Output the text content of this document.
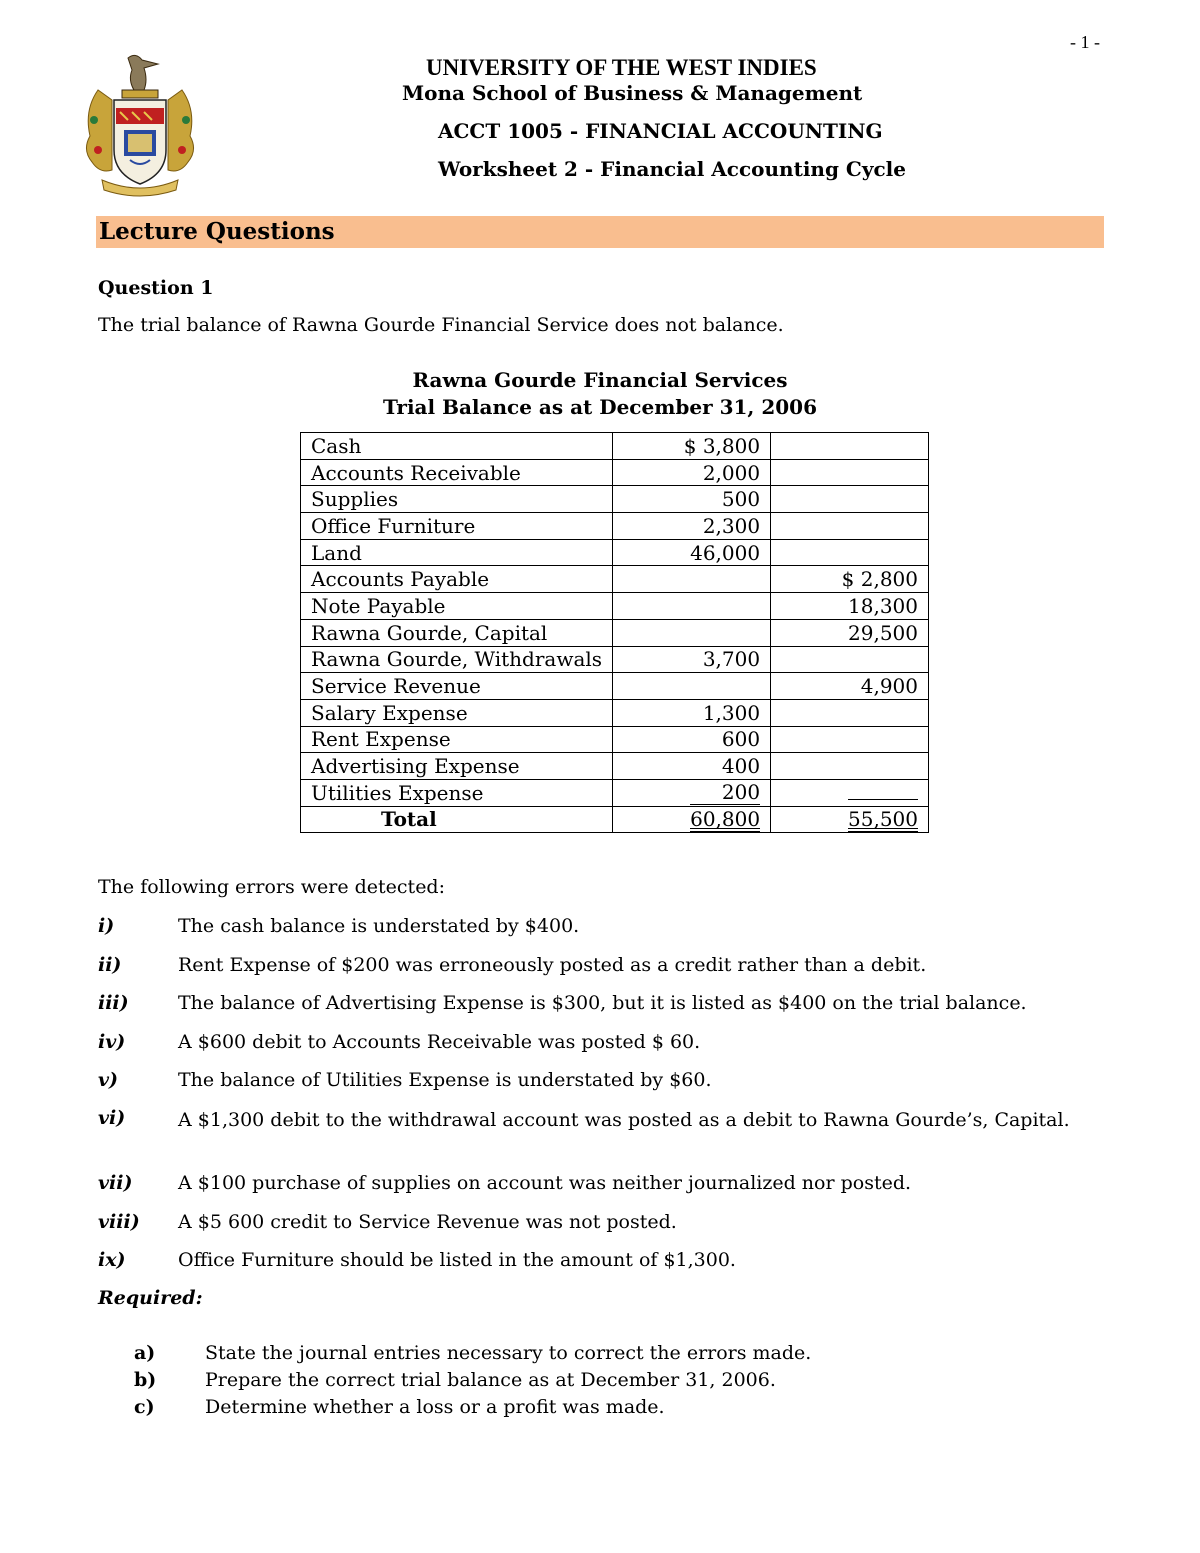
- 1 -
UNIVERSITY OF THE WEST INDIES
Mona School of Business & Management
ACCT 1005 - FINANCIAL ACCOUNTING
Worksheet 2 - Financial Accounting Cycle
Lecture Questions
Question 1
The trial balance of Rawna Gourde Financial Service does not balance.
Rawna Gourde Financial Services
Trial Balance as at December 31, 2006
Cash	$ 3,800	
Accounts Receivable	2,000	
Supplies	500	
Office Furniture	2,300	
Land	46,000	
Accounts Payable		$ 2,800
Note Payable		18,300
Rawna Gourde, Capital		29,500
Rawna Gourde, Withdrawals	3,700	
Service Revenue		4,900
Salary Expense	1,300	
Rent Expense	600	
Advertising Expense	400	
Utilities Expense	200	
Total	60,800	55,500
The following errors were detected:
i)	The cash balance is understated by $400.
ii)	Rent Expense of $200 was erroneously posted as a credit rather than a debit.
iii)	The balance of Advertising Expense is $300, but it is listed as $400 on the trial balance.
iv)	A $600 debit to Accounts Receivable was posted $ 60.
v)	The balance of Utilities Expense is understated by $60.
vi)	A $1,300 debit to the withdrawal account was posted as a debit to Rawna Gourde’s, Capital.
vii) A $100 purchase of supplies on account was neither journalized nor posted.
viii) A $5 600 credit to Service Revenue was not posted.
ix)	Office Furniture should be listed in the amount of $1,300.
Required:
a)	State the journal entries necessary to correct the errors made.
b)	Prepare the correct trial balance as at December 31, 2006.
c)	Determine whether a loss or a profit was made.
